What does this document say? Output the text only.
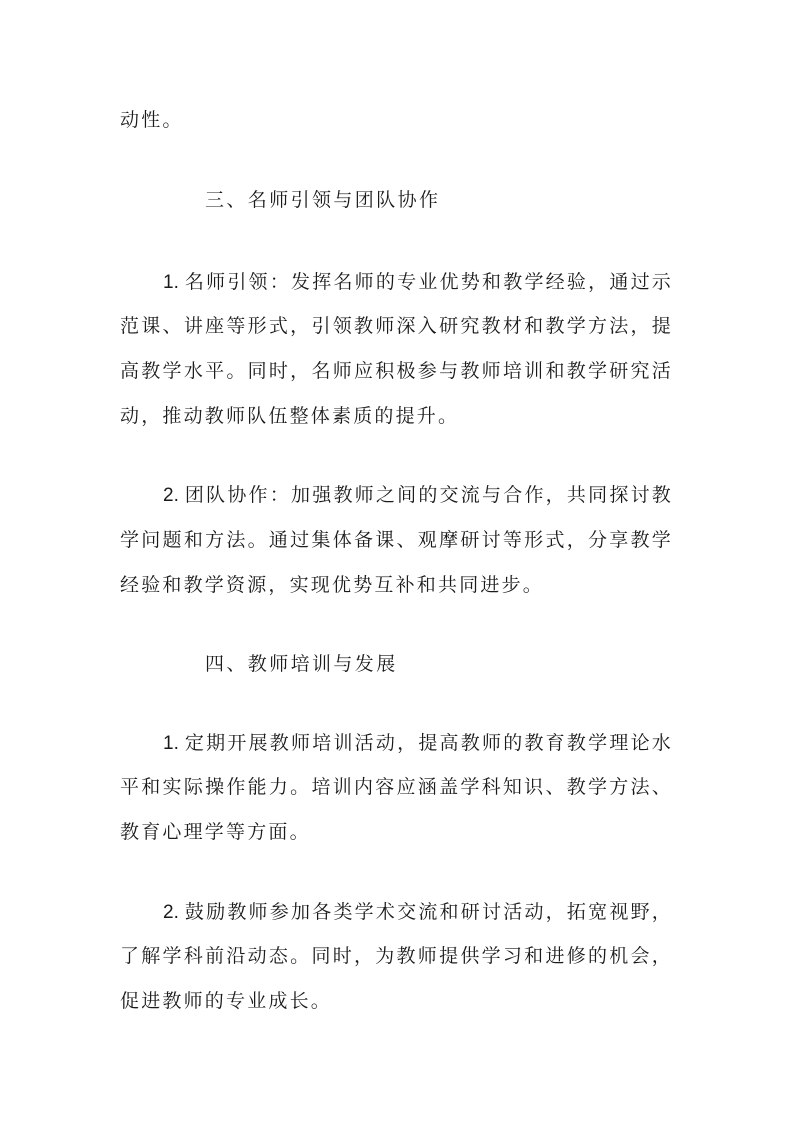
动性。
三、名师引领与团队协作
1. 名师引领：发挥名师的专业优势和教学经验，通过示
范课、讲座等形式，引领教师深入研究教材和教学方法，提
高教学水平。同时，名师应积极参与教师培训和教学研究活
动，推动教师队伍整体素质的提升。
2. 团队协作：加强教师之间的交流与合作，共同探讨教
学问题和方法。通过集体备课、观摩研讨等形式，分享教学
经验和教学资源，实现优势互补和共同进步。
四、教师培训与发展
1. 定期开展教师培训活动，提高教师的教育教学理论水
平和实际操作能力。培训内容应涵盖学科知识、教学方法、
教育心理学等方面。
2. 鼓励教师参加各类学术交流和研讨活动，拓宽视野，
了解学科前沿动态。同时，为教师提供学习和进修的机会，
促进教师的专业成长。
